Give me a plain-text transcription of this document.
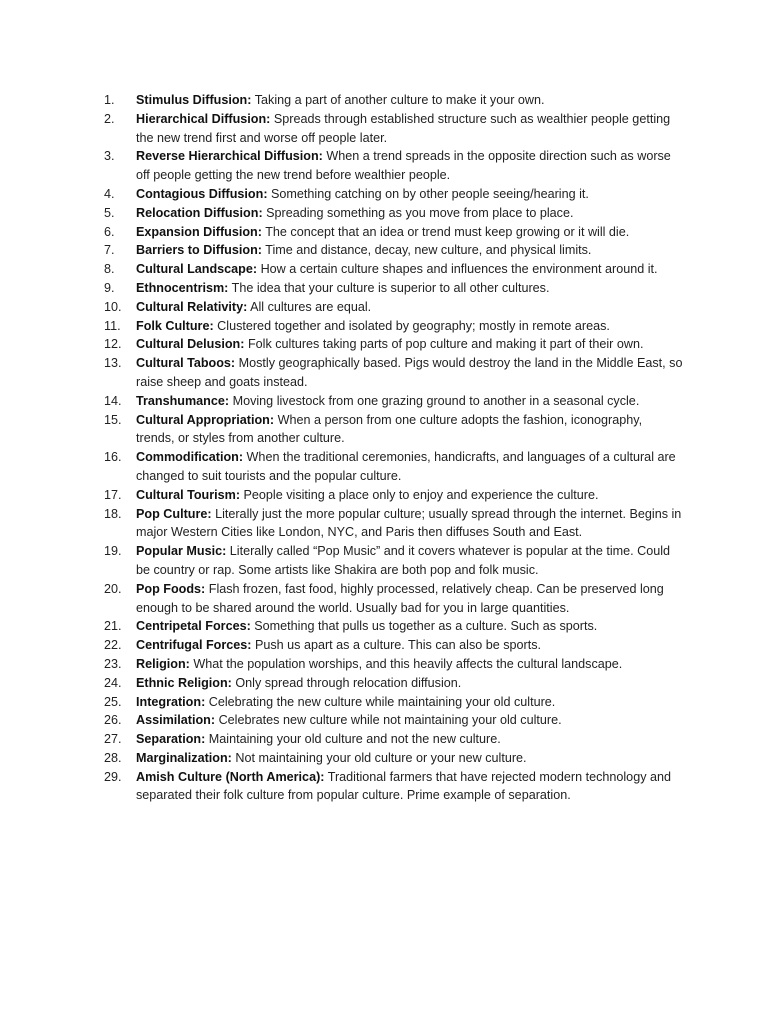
1.	Stimulus Diffusion: Taking a part of another culture to make it your own.
2.	Hierarchical Diffusion: Spreads through established structure such as wealthier people getting the new trend first and worse off people later.
3.	Reverse Hierarchical Diffusion: When a trend spreads in the opposite direction such as worse off people getting the new trend before wealthier people.
4.	Contagious Diffusion: Something catching on by other people seeing/hearing it.
5.	Relocation Diffusion: Spreading something as you move from place to place.
6.	Expansion Diffusion: The concept that an idea or trend must keep growing or it will die.
7.	Barriers to Diffusion: Time and distance, decay, new culture, and physical limits.
8.	Cultural Landscape: How a certain culture shapes and influences the environment around it.
9.	Ethnocentrism: The idea that your culture is superior to all other cultures.
10.	Cultural Relativity: All cultures are equal.
11.	Folk Culture: Clustered together and isolated by geography; mostly in remote areas.
12.	Cultural Delusion: Folk cultures taking parts of pop culture and making it part of their own.
13.	Cultural Taboos: Mostly geographically based. Pigs would destroy the land in the Middle East, so raise sheep and goats instead.
14.	Transhumance: Moving livestock from one grazing ground to another in a seasonal cycle.
15.	Cultural Appropriation: When a person from one culture adopts the fashion, iconography, trends, or styles from another culture.
16.	Commodification: When the traditional ceremonies, handicrafts, and languages of a cultural are changed to suit tourists and the popular culture.
17.	Cultural Tourism: People visiting a place only to enjoy and experience the culture.
18.	Pop Culture: Literally just the more popular culture; usually spread through the internet. Begins in major Western Cities like London, NYC, and Paris then diffuses South and East.
19.	Popular Music: Literally called “Pop Music” and it covers whatever is popular at the time. Could be country or rap. Some artists like Shakira are both pop and folk music.
20.	Pop Foods: Flash frozen, fast food, highly processed, relatively cheap. Can be preserved long enough to be shared around the world. Usually bad for you in large quantities.
21.	Centripetal Forces: Something that pulls us together as a culture. Such as sports.
22.	Centrifugal Forces: Push us apart as a culture. This can also be sports.
23.	Religion: What the population worships, and this heavily affects the cultural landscape.
24.	Ethnic Religion: Only spread through relocation diffusion.
25.	Integration: Celebrating the new culture while maintaining your old culture.
26.	Assimilation: Celebrates new culture while not maintaining your old culture.
27.	Separation: Maintaining your old culture and not the new culture.
28.	Marginalization: Not maintaining your old culture or your new culture.
29.	Amish Culture (North America): Traditional farmers that have rejected modern technology and separated their folk culture from popular culture. Prime example of separation.
